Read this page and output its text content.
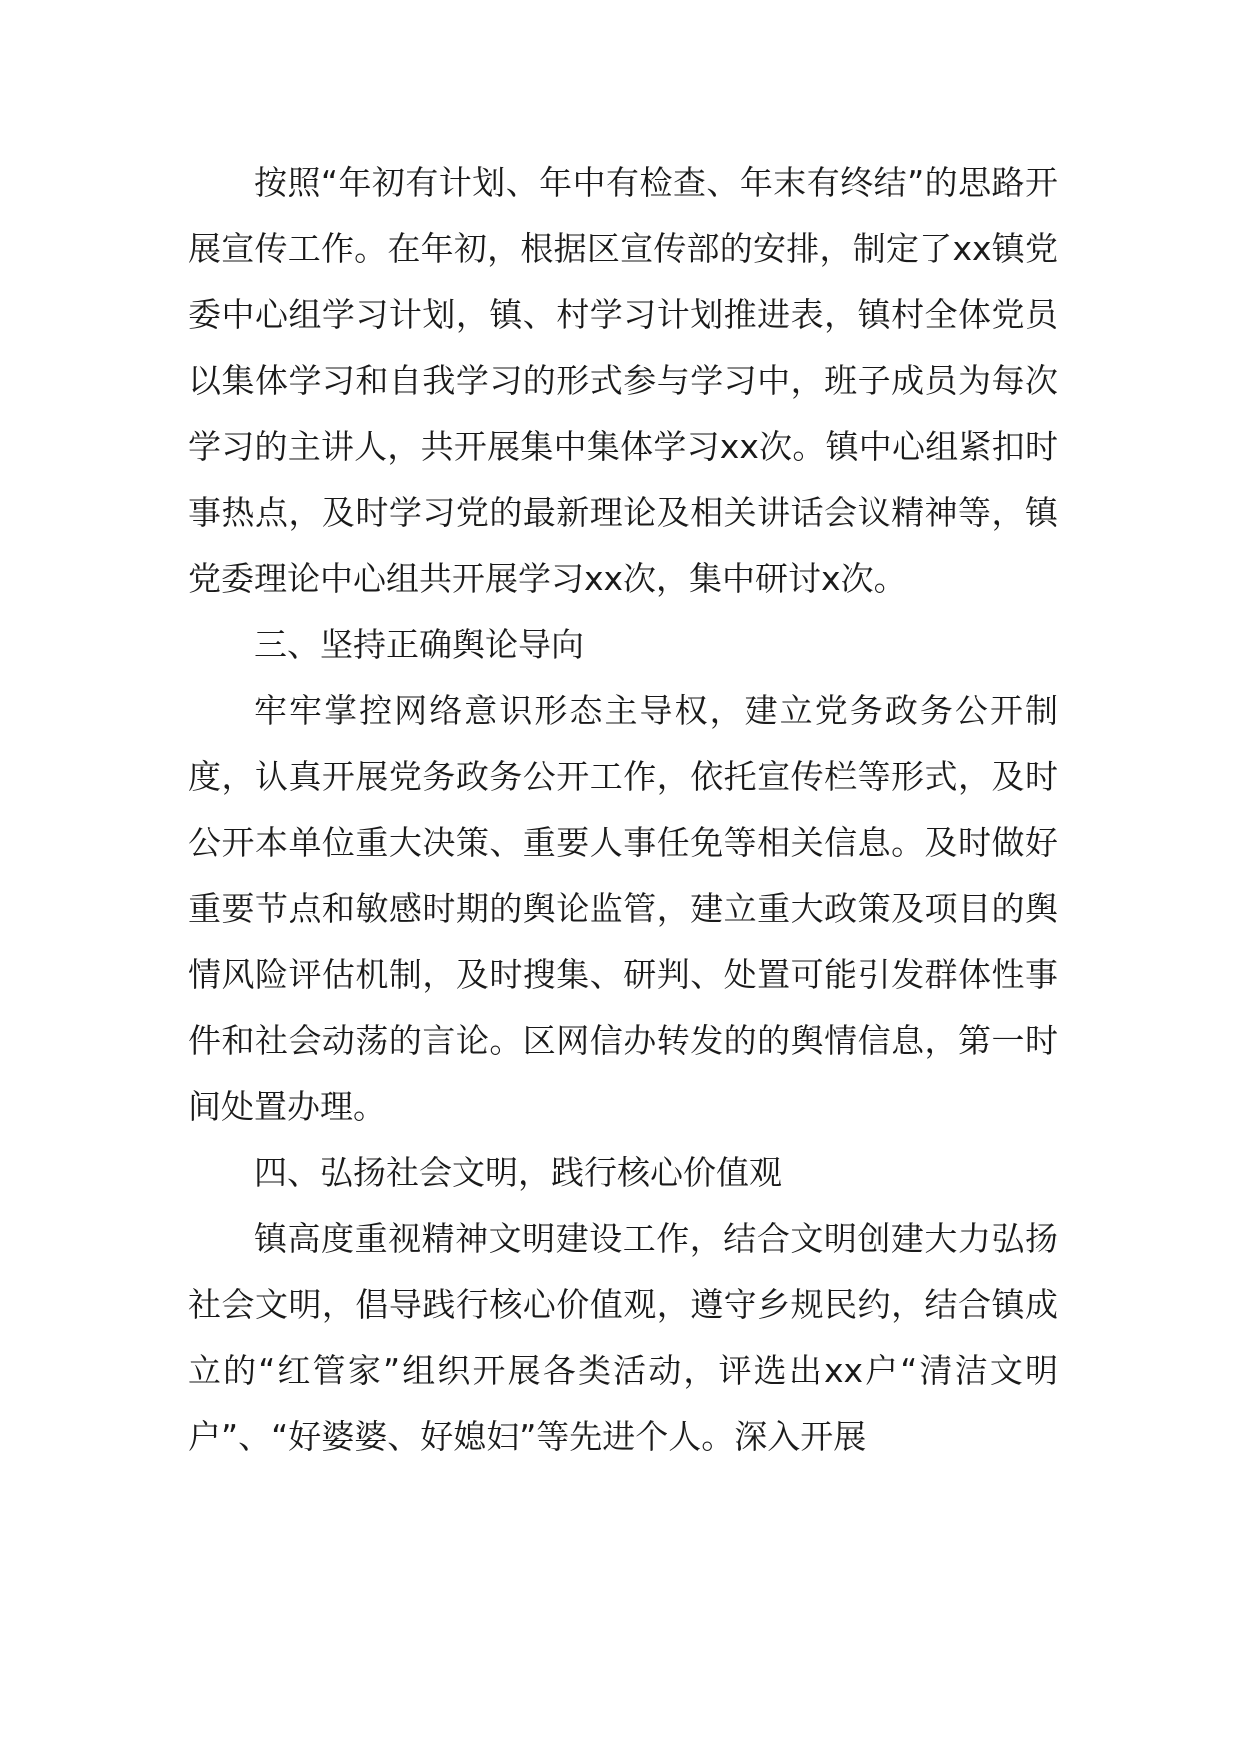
按照“年初有计划、年中有检查、年末有终结”的思路开展宣传工作。在年初，根据区宣传部的安排，制定了xx镇党委中心组学习计划，镇、村学习计划推进表，镇村全体党员以集体学习和自我学习的形式参与学习中，班子成员为每次学习的主讲人，共开展集中集体学习xx次。镇中心组紧扣时事热点，及时学习党的最新理论及相关讲话会议精神等，镇党委理论中心组共开展学习xx次，集中研讨x次。

三、坚持正确舆论导向

牢牢掌控网络意识形态主导权，建立党务政务公开制度，认真开展党务政务公开工作，依托宣传栏等形式，及时公开本单位重大决策、重要人事任免等相关信息。及时做好重要节点和敏感时期的舆论监管，建立重大政策及项目的舆情风险评估机制，及时搜集、研判、处置可能引发群体性事件和社会动荡的言论。区网信办转发的的舆情信息，第一时间处置办理。

四、弘扬社会文明，践行核心价值观

镇高度重视精神文明建设工作，结合文明创建大力弘扬社会文明，倡导践行核心价值观，遵守乡规民约，结合镇成立的“红管家”组织开展各类活动，评选出xx户“清洁文明户”、“好婆婆、好媳妇”等先进个人。深入开展
